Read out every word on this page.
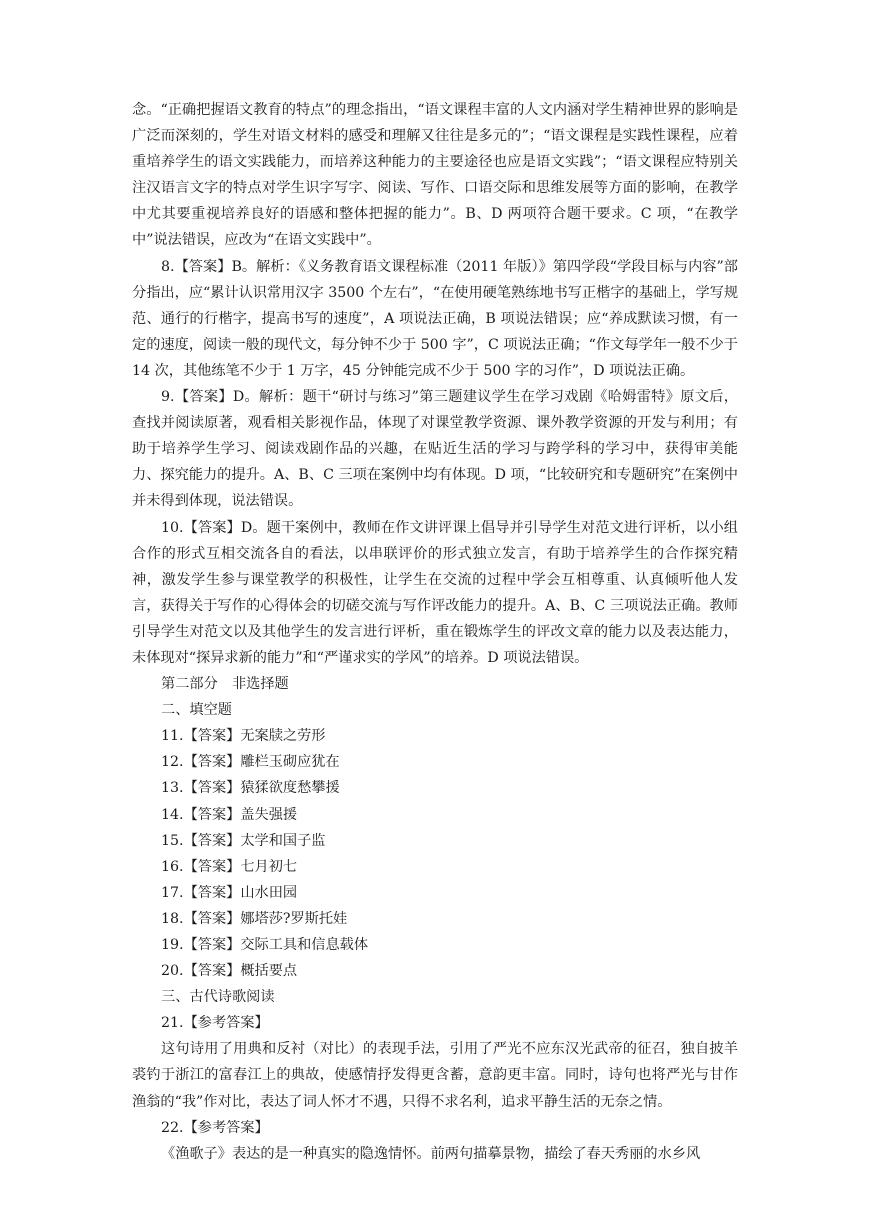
念。“正确把握语文教育的特点”的理念指出，“语文课程丰富的人文内涵对学生精神世界的影响是广泛而深刻的，学生对语文材料的感受和理解又往往是多元的”；“语文课程是实践性课程，应着重培养学生的语文实践能力，而培养这种能力的主要途径也应是语文实践”；“语文课程应特别关注汉语言文字的特点对学生识字写字、阅读、写作、口语交际和思维发展等方面的影响，在教学中尤其要重视培养良好的语感和整体把握的能力”。B、D 两项符合题干要求。C 项，“在教学中”说法错误，应改为“在语文实践中”。

8.【答案】B。解析：《义务教育语文课程标准（2011 年版）》第四学段“学段目标与内容”部分指出，应“累计认识常用汉字 3500 个左右”，“在使用硬笔熟练地书写正楷字的基础上，学写规范、通行的行楷字，提高书写的速度”，A 项说法正确，B 项说法错误；应“养成默读习惯，有一定的速度，阅读一般的现代文，每分钟不少于 500 字”，C 项说法正确；“作文每学年一般不少于 14 次，其他练笔不少于 1 万字，45 分钟能完成不少于 500 字的习作”，D 项说法正确。

9.【答案】D。解析：题干“研讨与练习”第三题建议学生在学习戏剧《哈姆雷特》原文后，查找并阅读原著，观看相关影视作品，体现了对课堂教学资源、课外教学资源的开发与利用；有助于培养学生学习、阅读戏剧作品的兴趣，在贴近生活的学习与跨学科的学习中，获得审美能力、探究能力的提升。A、B、C 三项在案例中均有体现。D 项，“比较研究和专题研究”在案例中并未得到体现，说法错误。

10.【答案】D。题干案例中，教师在作文讲评课上倡导并引导学生对范文进行评析，以小组合作的形式互相交流各自的看法，以串联评价的形式独立发言，有助于培养学生的合作探究精神，激发学生参与课堂教学的积极性，让学生在交流的过程中学会互相尊重、认真倾听他人发言，获得关于写作的心得体会的切磋交流与写作评改能力的提升。A、B、C 三项说法正确。教师引导学生对范文以及其他学生的发言进行评析，重在锻炼学生的评改文章的能力以及表达能力，未体现对“探异求新的能力”和“严谨求实的学风”的培养。D 项说法错误。

第二部分　非选择题

二、填空题

11.【答案】无案牍之劳形

12.【答案】雕栏玉砌应犹在

13.【答案】猿猱欲度愁攀援

14.【答案】盖失强援

15.【答案】太学和国子监

16.【答案】七月初七

17.【答案】山水田园

18.【答案】娜塔莎?罗斯托娃

19.【答案】交际工具和信息载体

20.【答案】概括要点

三、古代诗歌阅读

21.【参考答案】

这句诗用了用典和反衬（对比）的表现手法，引用了严光不应东汉光武帝的征召，独自披羊裘钓于浙江的富春江上的典故，使感情抒发得更含蓄，意韵更丰富。同时，诗句也将严光与甘作渔翁的“我”作对比，表达了词人怀才不遇，只得不求名利，追求平静生活的无奈之情。

22.【参考答案】

《渔歌子》表达的是一种真实的隐逸情怀。前两句描摹景物，描绘了春天秀丽的水乡风
